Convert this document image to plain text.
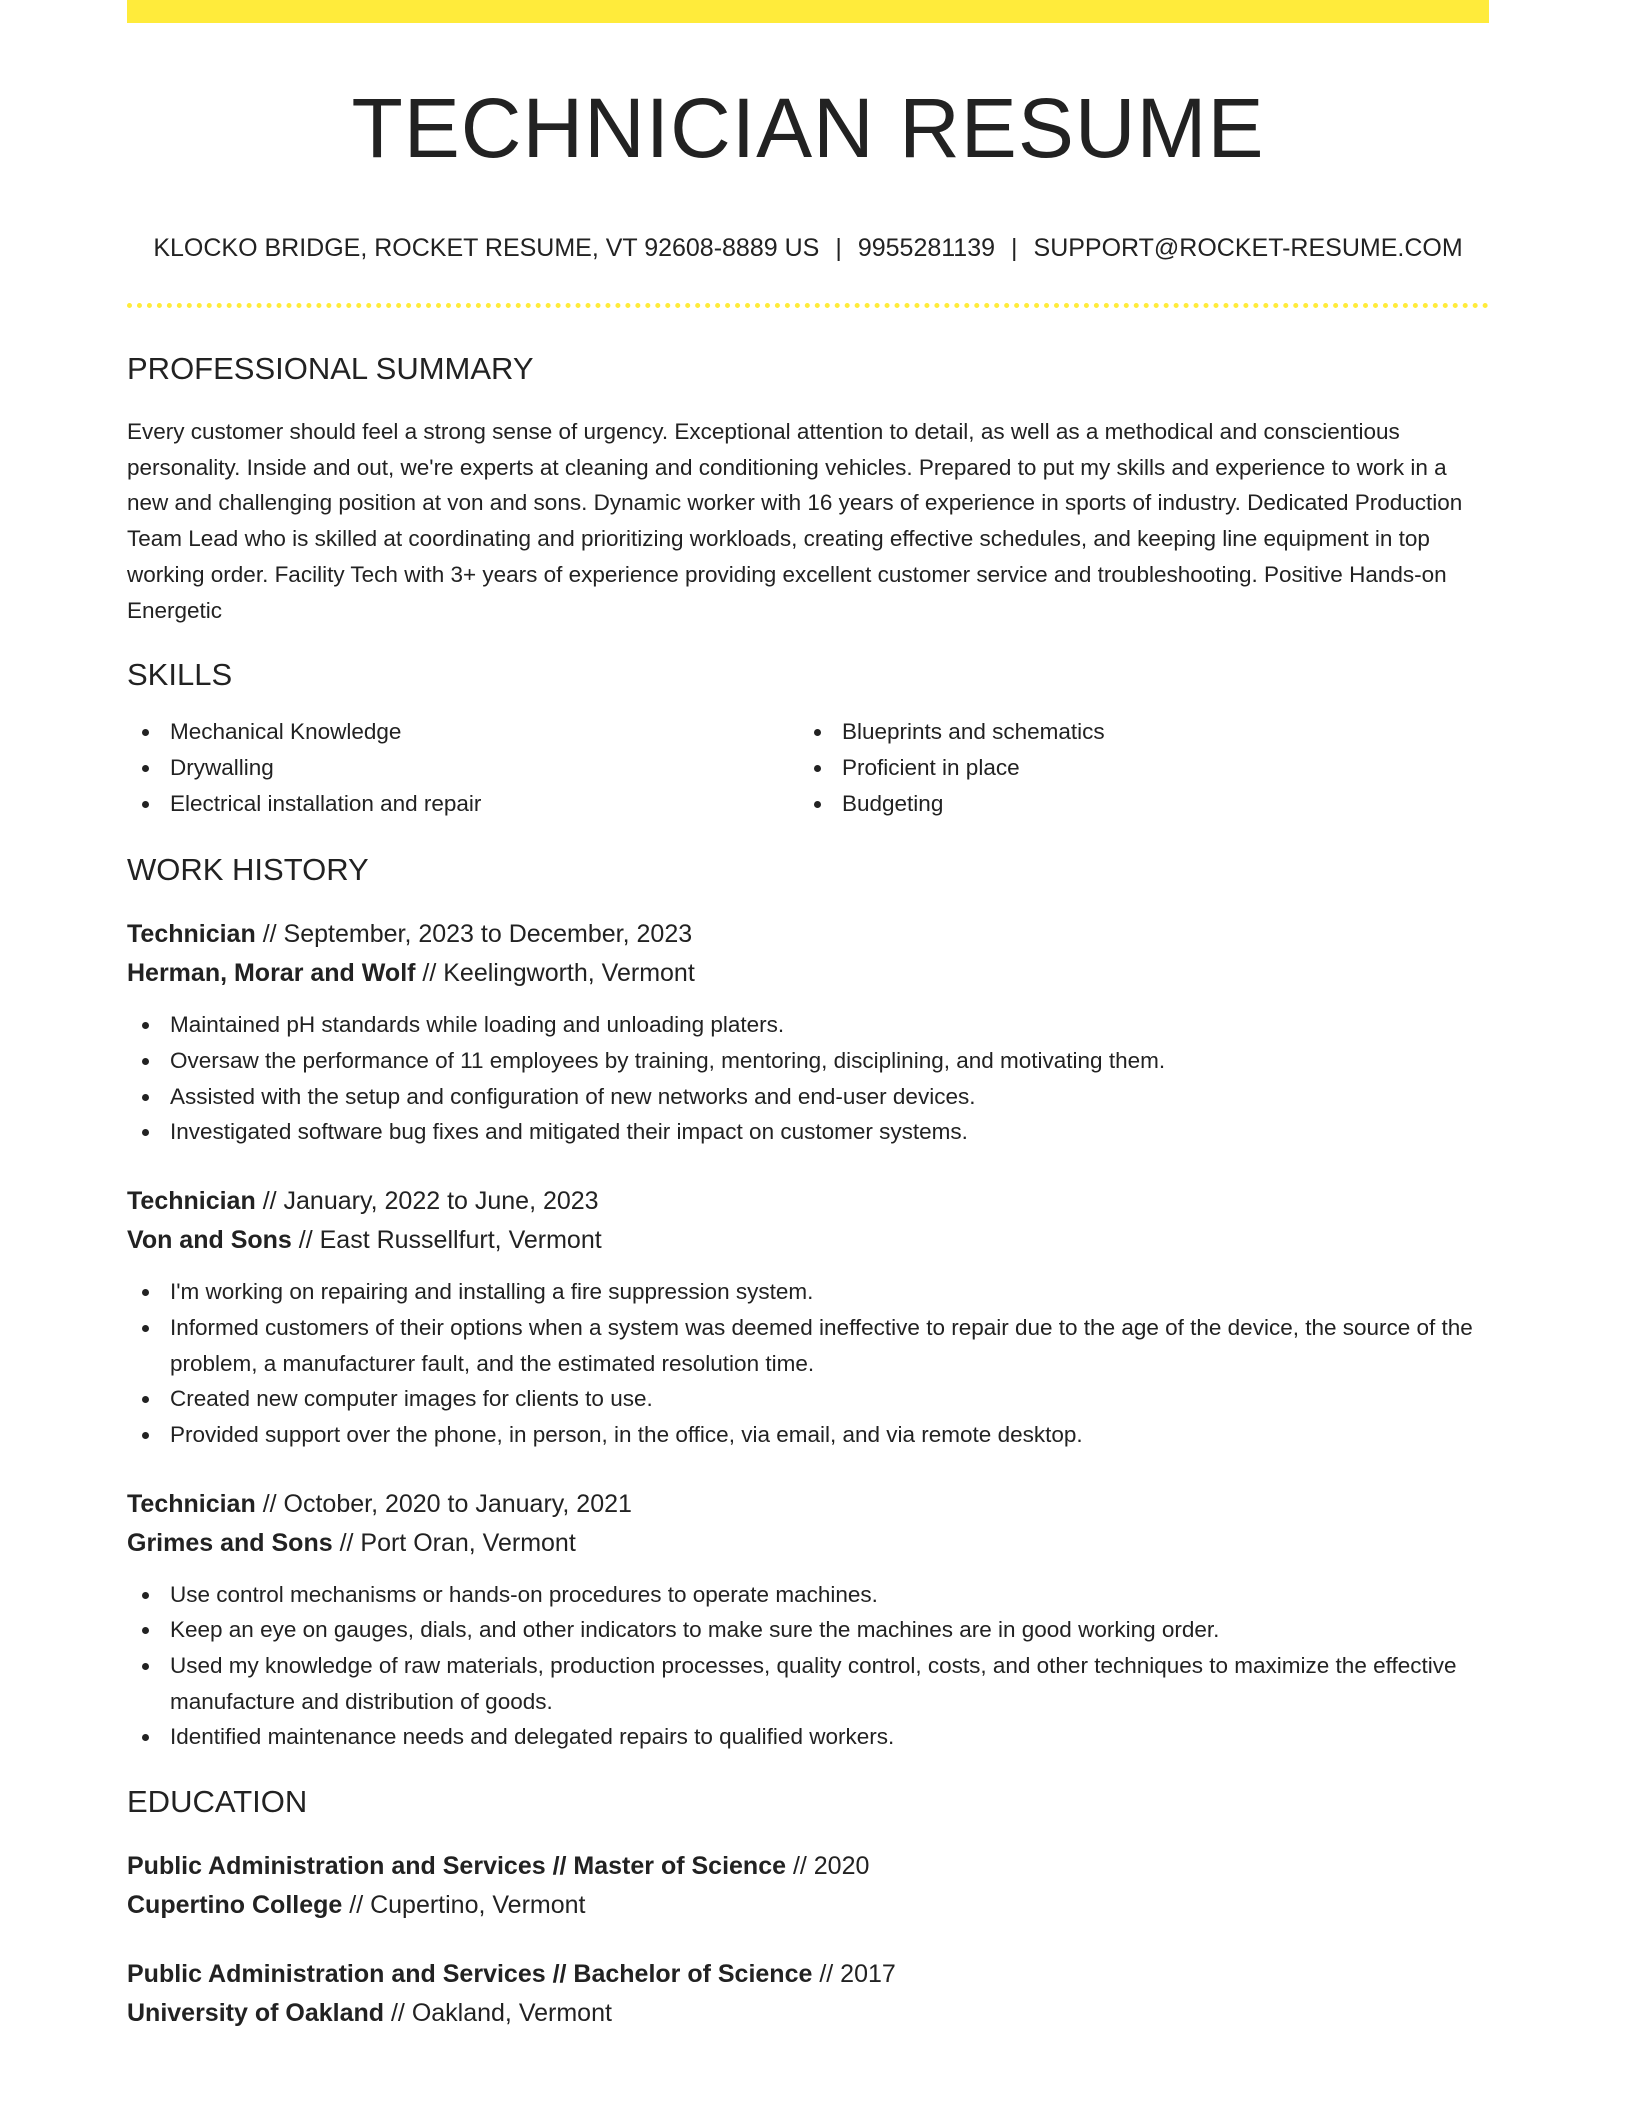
TECHNICIAN RESUME
KLOCKO BRIDGE, ROCKET RESUME, VT 92608-8889 US | 9955281139 | SUPPORT@ROCKET-RESUME.COM
PROFESSIONAL SUMMARY
Every customer should feel a strong sense of urgency. Exceptional attention to detail, as well as a methodical and conscientious personality. Inside and out, we're experts at cleaning and conditioning vehicles. Prepared to put my skills and experience to work in a new and challenging position at von and sons. Dynamic worker with 16 years of experience in sports of industry. Dedicated Production Team Lead who is skilled at coordinating and prioritizing workloads, creating effective schedules, and keeping line equipment in top working order. Facility Tech with 3+ years of experience providing excellent customer service and troubleshooting. Positive Hands-on Energetic
SKILLS
Mechanical Knowledge
Drywalling
Electrical installation and repair
Blueprints and schematics
Proficient in place
Budgeting
WORK HISTORY
Technician // September, 2023 to December, 2023
Herman, Morar and Wolf // Keelingworth, Vermont
Maintained pH standards while loading and unloading platers.
Oversaw the performance of 11 employees by training, mentoring, disciplining, and motivating them.
Assisted with the setup and configuration of new networks and end-user devices.
Investigated software bug fixes and mitigated their impact on customer systems.
Technician // January, 2022 to June, 2023
Von and Sons // East Russellfurt, Vermont
I'm working on repairing and installing a fire suppression system.
Informed customers of their options when a system was deemed ineffective to repair due to the age of the device, the source of the problem, a manufacturer fault, and the estimated resolution time.
Created new computer images for clients to use.
Provided support over the phone, in person, in the office, via email, and via remote desktop.
Technician // October, 2020 to January, 2021
Grimes and Sons // Port Oran, Vermont
Use control mechanisms or hands-on procedures to operate machines.
Keep an eye on gauges, dials, and other indicators to make sure the machines are in good working order.
Used my knowledge of raw materials, production processes, quality control, costs, and other techniques to maximize the effective manufacture and distribution of goods.
Identified maintenance needs and delegated repairs to qualified workers.
EDUCATION
Public Administration and Services // Master of Science // 2020
Cupertino College // Cupertino, Vermont
Public Administration and Services // Bachelor of Science // 2017
University of Oakland // Oakland, Vermont
